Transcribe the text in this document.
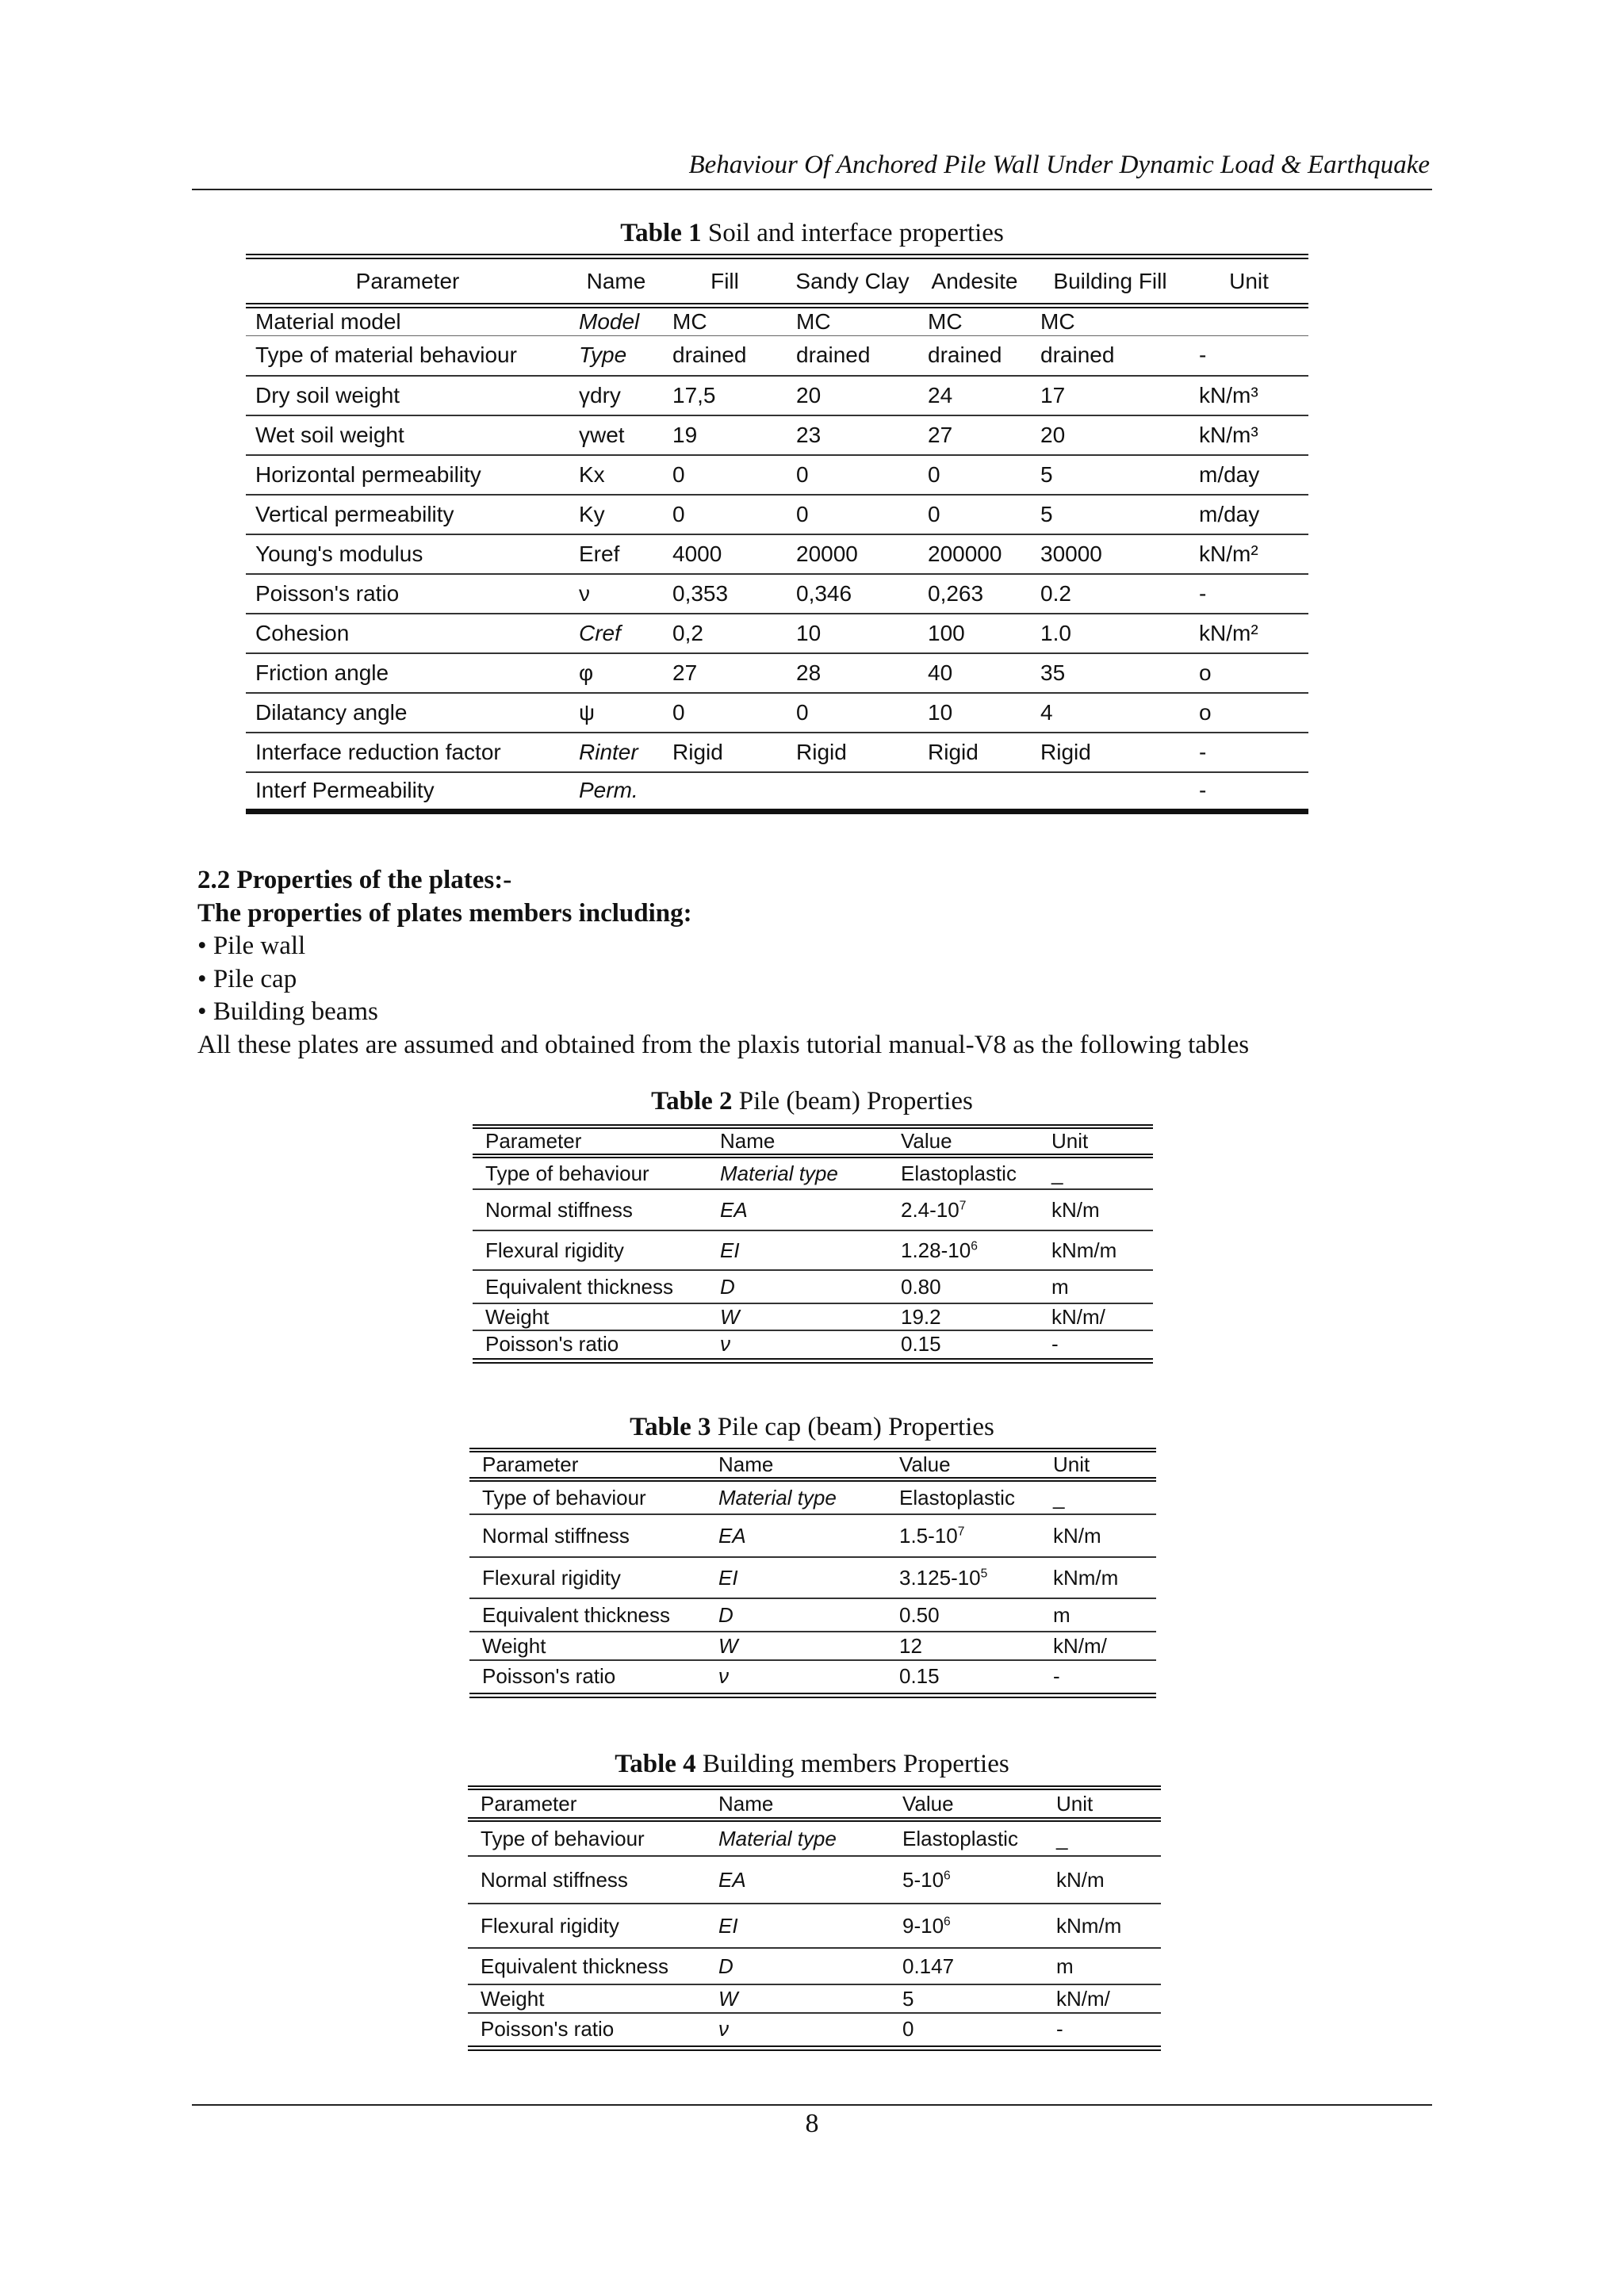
Behaviour Of Anchored Pile Wall Under Dynamic Load & Earthquake
Table 1 Soil and interface properties
Parameter	Name	Fill	Sandy Clay	Andesite	Building Fill	Unit
Material model	Model	MC	MC	MC	MC	
Type of material behaviour	Type	drained	drained	drained	drained	-
Dry soil weight	γdry	17,5	20	24	17	kN/m³
Wet soil weight	γwet	19	23	27	20	kN/m³
Horizontal permeability	Kx	0	0	0	5	m/day
Vertical permeability	Ky	0	0	0	5	m/day
Young's modulus	Eref	4000	20000	200000	30000	kN/m²
Poisson's ratio	ν	0,353	0,346	0,263	0.2	-
Cohesion	Cref	0,2	10	100	1.0	kN/m²
Friction angle	φ	27	28	40	35	o
Dilatancy angle	ψ	0	0	10	4	o
Interface reduction factor	Rinter	Rigid	Rigid	Rigid	Rigid	-
Interf Permeability	Perm.					-
2.2 Properties of the plates:-
The properties of plates members including:
• Pile wall
• Pile cap
• Building beams
All these plates are assumed and obtained from the plaxis tutorial manual-V8 as the following tables
Table 2 Pile (beam) Properties
Parameter	Name	Value	Unit
Type of behaviour	Material type	Elastoplastic	_
Normal stiffness	EA	$2.4-10^7$	kN/m
Flexural rigidity	EI	$1.28-10^6$	kNm/m
Equivalent thickness	D	0.80	m
Weight	W	19.2	kN/m/
Poisson's ratio	ν	0.15	-
Table 3 Pile cap (beam) Properties
Parameter	Name	Value	Unit
Type of behaviour	Material type	Elastoplastic	_
Normal stiffness	EA	$1.5-10^7$	kN/m
Flexural rigidity	EI	$3.125-10^5$	kNm/m
Equivalent thickness	D	0.50	m
Weight	W	12	kN/m/
Poisson's ratio	ν	0.15	-
Table 4 Building members Properties
Parameter	Name	Value	Unit
Type of behaviour	Material type	Elastoplastic	_
Normal stiffness	EA	$5-10^6$	kN/m
Flexural rigidity	EI	$9-10^6$	kNm/m
Equivalent thickness	D	0.147	m
Weight	W	5	kN/m/
Poisson's ratio	ν	0	-
8
